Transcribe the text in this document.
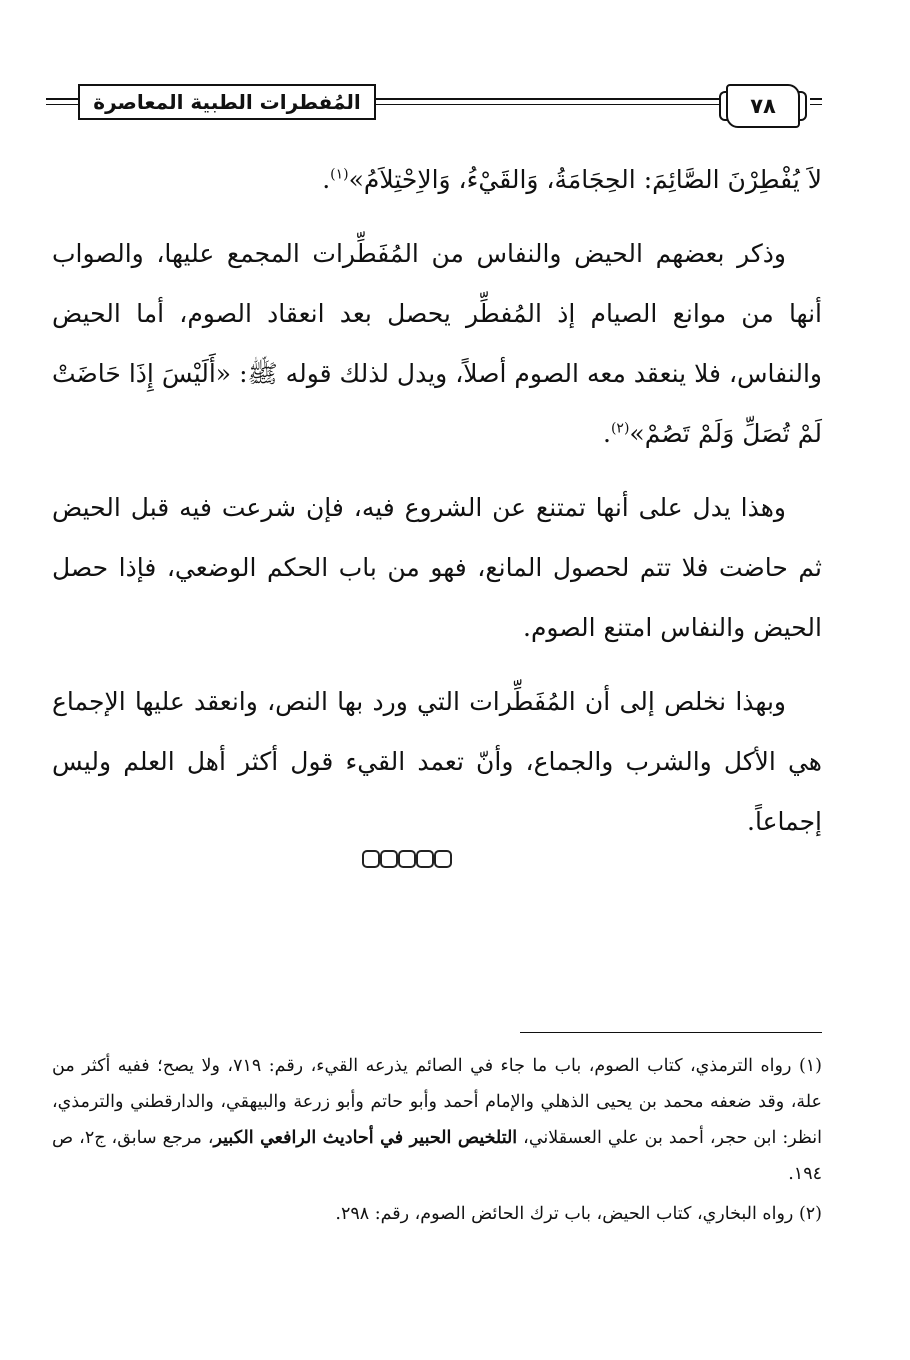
المُفطرات الطبية المعاصرة	٧٨

لاَ يُفْطِرْنَ الصَّائِمَ: الحِجَامَةُ، وَالقَيْءُ، وَالاِحْتِلاَمُ»$^{(١)}$.

وذكر بعضهم الحيض والنفاس من المُفَطِّرات المجمع عليها، والصواب أنها من موانع الصيام إذ المُفطِّر يحصل بعد انعقاد الصوم، أما الحيض والنفاس، فلا ينعقد معه الصوم أصلاً، ويدل لذلك قوله ﷺ: «أَلَيْسَ إِذَا حَاضَتْ لَمْ تُصَلِّ وَلَمْ تَصُمْ»$^{(٢)}$.

وهذا يدل على أنها تمتنع عن الشروع فيه، فإن شرعت فيه قبل الحيض ثم حاضت فلا تتم لحصول المانع، فهو من باب الحكم الوضعي، فإذا حصل الحيض والنفاس امتنع الصوم.

وبهذا نخلص إلى أن المُفَطِّرات التي ورد بها النص، وانعقد عليها الإجماع هي الأكل والشرب والجماع، وأنّ تعمد القيء قول أكثر أهل العلم وليس إجماعاً.

(١) رواه الترمذي، كتاب الصوم، باب ما جاء في الصائم يذرعه القيء، رقم: ٧١٩، ولا يصح؛ ففيه أكثر من علة، وقد ضعفه محمد بن يحيى الذهلي والإمام أحمد وأبو حاتم وأبو زرعة والبيهقي، والدارقطني والترمذي، انظر: ابن حجر، أحمد بن علي العسقلاني، التلخيص الحبير في أحاديث الرافعي الكبير، مرجع سابق، ج٢، ص ١٩٤.

(٢) رواه البخاري، كتاب الحيض، باب ترك الحائض الصوم، رقم: ٢٩٨.
